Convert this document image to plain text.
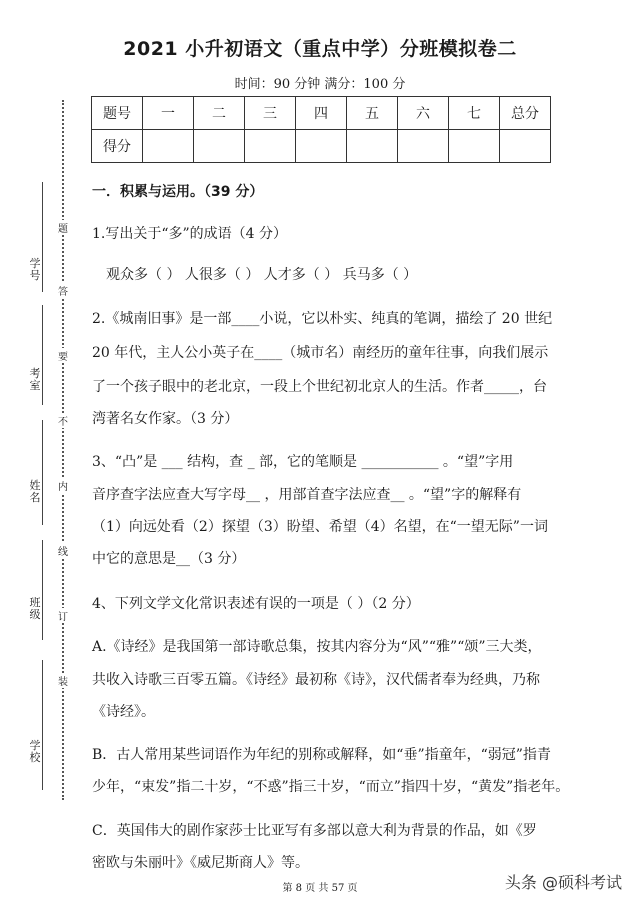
2021 小升初语文（重点中学）分班模拟卷二
时间：90 分钟 满分：100 分
题号	一	二	三	四	五	六	七	总分
得分								
学号
考室
姓名
班级
学校
题
答
要
不
内
线
订
装
一．积累与运用。（39 分）
1.写出关于“多”的成语（4 分）
观众多（ ） 人很多（ ） 人才多（ ） 兵马多（ ）
2.《城南旧事》是一部____小说，它以朴实、纯真的笔调，描绘了 20 世纪
20 年代，主人公小英子在____（城市名）南经历的童年往事，向我们展示
了一个孩子眼中的老北京，一段上个世纪初北京人的生活。作者_____，台
湾著名女作家。（3 分）
3、“凸”是 ___ 结构，查 _ 部，它的笔顺是 ___________ 。“望”字用
音序查字法应查大写字母__ ，用部首查字法应查__ 。“望”字的解释有
（1）向远处看（2）探望（3）盼望、希望（4）名望，在“一望无际”一词
中它的意思是__（3 分）
4、下列文学文化常识表述有误的一项是（ ）（2 分）
A.《诗经》是我国第一部诗歌总集，按其内容分为“风”“雅”“颂”三大类，
共收入诗歌三百零五篇。《诗经》最初称《诗》，汉代儒者奉为经典，乃称
《诗经》。
B．古人常用某些词语作为年纪的别称或解释，如“垂”指童年，“弱冠”指青
少年，“束发”指二十岁，“不惑”指三十岁，“而立”指四十岁，“黄发”指老年。
C．英国伟大的剧作家莎士比亚写有多部以意大利为背景的作品，如《罗
密欧与朱丽叶》《威尼斯商人》等。
第 8 页 共 57 页	头条 @硕科考试
